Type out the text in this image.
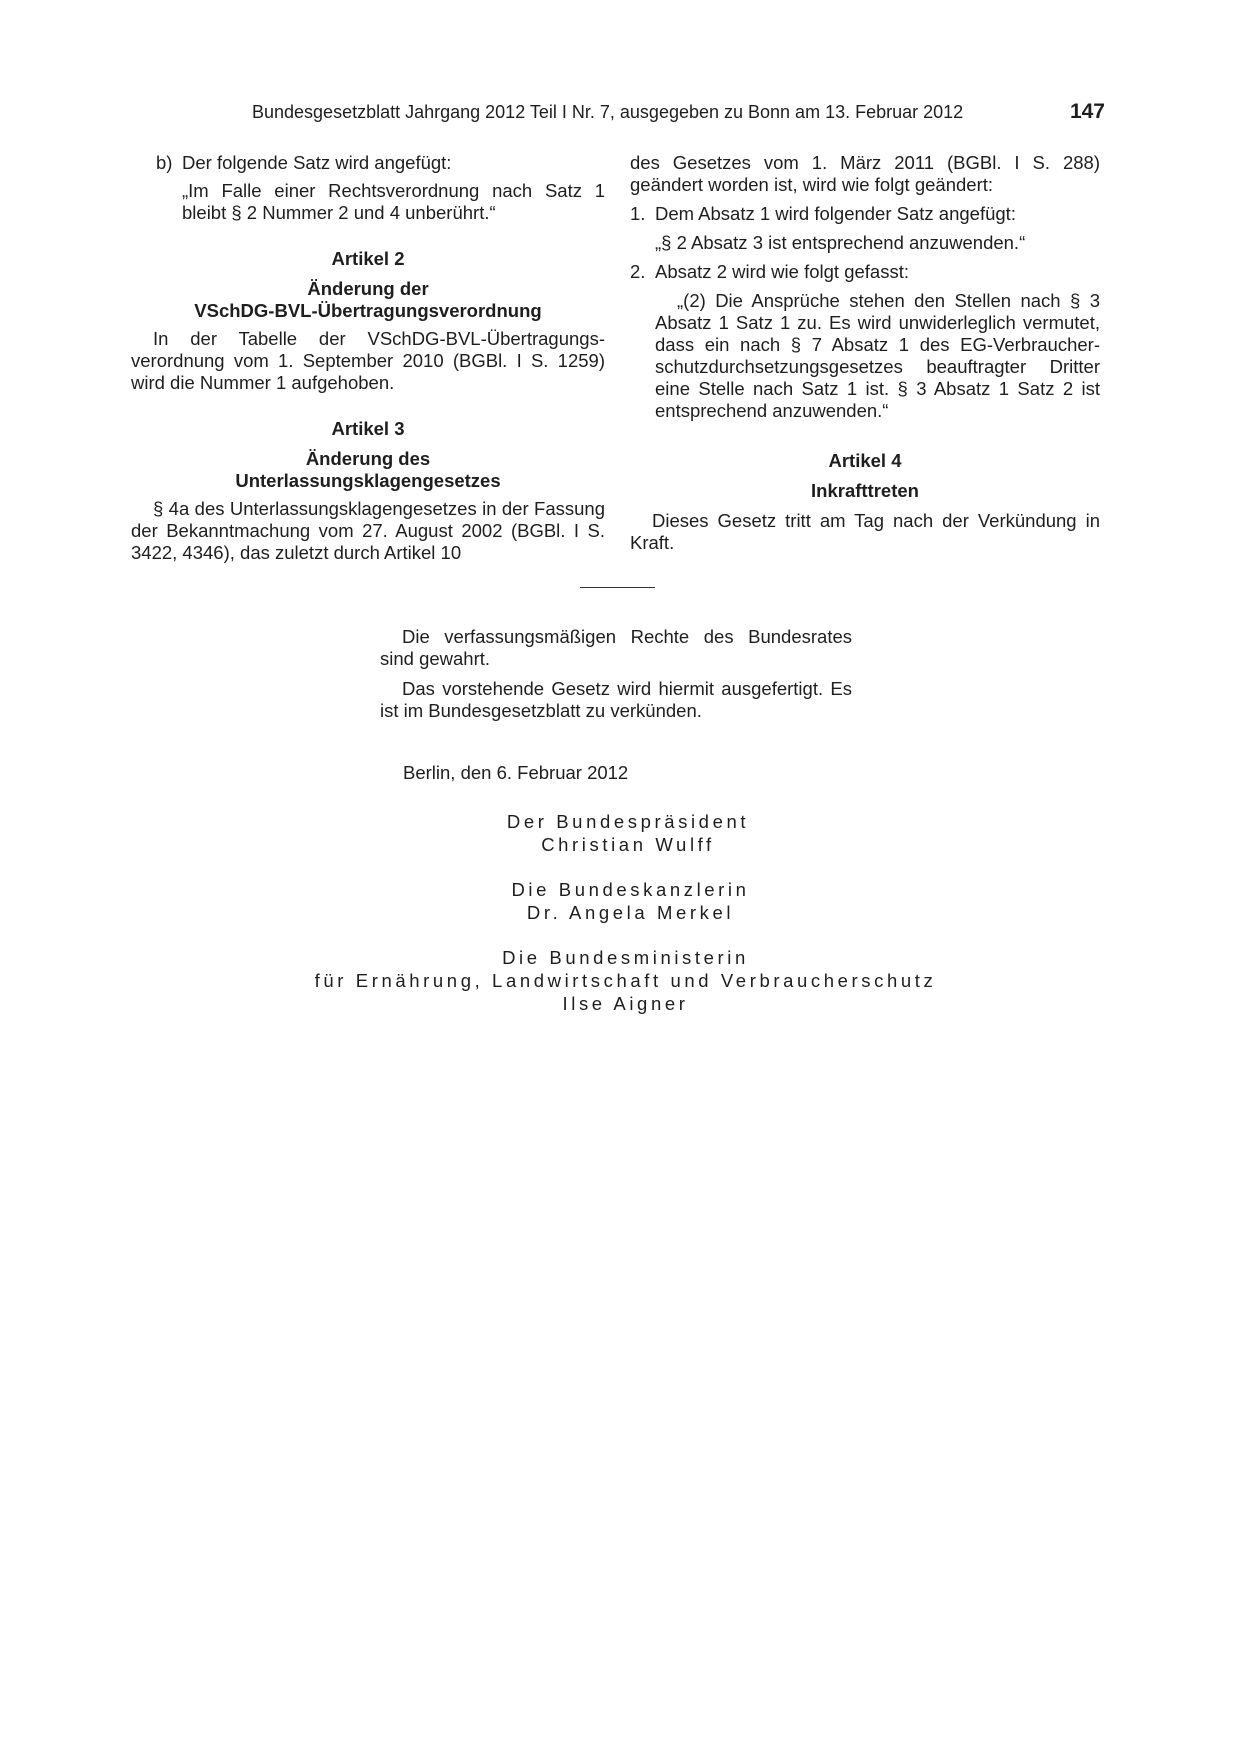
Bundesgesetzblatt Jahrgang 2012 Teil I Nr. 7, ausgegeben zu Bonn am 13. Februar 2012	147
b) Der folgende Satz wird angefügt:

„Im Falle einer Rechtsverordnung nach Satz 1 bleibt § 2 Nummer 2 und 4 unberührt.“

Artikel 2

Änderung der
VSchDG-BVL-Übertragungsverordnung

In der Tabelle der VSchDG-BVL-Übertragungsverordnung vom 1. September 2010 (BGBl. I S. 1259) wird die Nummer 1 aufgehoben.

Artikel 3

Änderung des
Unterlassungsklagengesetzes

§ 4a des Unterlassungsklagengesetzes in der Fassung der Bekanntmachung vom 27. August 2002 (BGBl. I S. 3422, 4346), das zuletzt durch Artikel 10

des Gesetzes vom 1. März 2011 (BGBl. I S. 288) geändert worden ist, wird wie folgt geändert:

1. Dem Absatz 1 wird folgender Satz angefügt:

„§ 2 Absatz 3 ist entsprechend anzuwenden.“

2. Absatz 2 wird wie folgt gefasst:

„(2) Die Ansprüche stehen den Stellen nach § 3 Absatz 1 Satz 1 zu. Es wird unwiderleglich vermutet, dass ein nach § 7 Absatz 1 des EG-Verbraucherschutzdurchsetzungsgesetzes beauftragter Dritter eine Stelle nach Satz 1 ist. § 3 Absatz 1 Satz 2 ist entsprechend anzuwenden.“

Artikel 4

Inkrafttreten

Dieses Gesetz tritt am Tag nach der Verkündung in Kraft.

Die verfassungsmäßigen Rechte des Bundesrates sind gewahrt.

Das vorstehende Gesetz wird hiermit ausgefertigt. Es ist im Bundesgesetzblatt zu verkünden.

Berlin, den 6. Februar 2012

Der Bundespräsident
Christian Wulff
Die Bundeskanzlerin
Dr. Angela Merkel
Die Bundesministerin
für Ernährung, Landwirtschaft und Verbraucherschutz
Ilse Aigner
